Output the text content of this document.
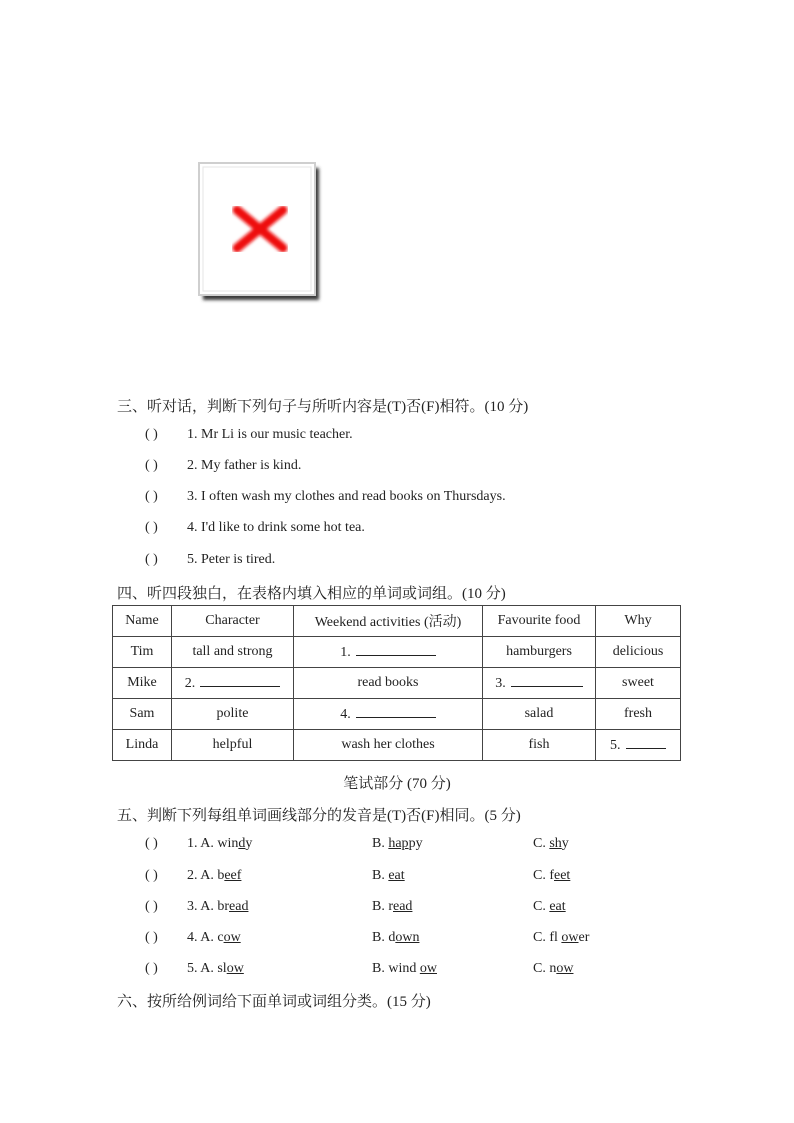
三、听对话，判断下列句子与所听内容是(T)否(F)相符。(10 分)
( ) 1. Mr Li is our music teacher.
( ) 2. My father is kind.
( ) 3. I often wash my clothes and read books on Thursdays.
( ) 4. I'd like to drink some hot tea.
( ) 5. Peter is tired.
四、听四段独白，在表格内填入相应的单词或词组。(10 分)
Name	Character	Weekend activities (活动)	Favourite food	Why
Tim	tall and strong	1.	hamburgers	delicious
Mike	2.	read books	3.	sweet
Sam	polite	4.	salad	fresh
Linda	helpful	wash her clothes	fish	5.
笔试部分 (70 分)
五、判断下列每组单词画线部分的发音是(T)否(F)相同。(5 分)
( ) 1. A. windy	B. happy	C. shy
( ) 2. A. beef	B. eat	C. feet
( ) 3. A. bread	B. read	C. eat
( ) 4. A. cow	B. down	C. fl ower
( ) 5. A. slow	B. wind ow	C. now
六、按所给例词给下面单词或词组分类。(15 分)
